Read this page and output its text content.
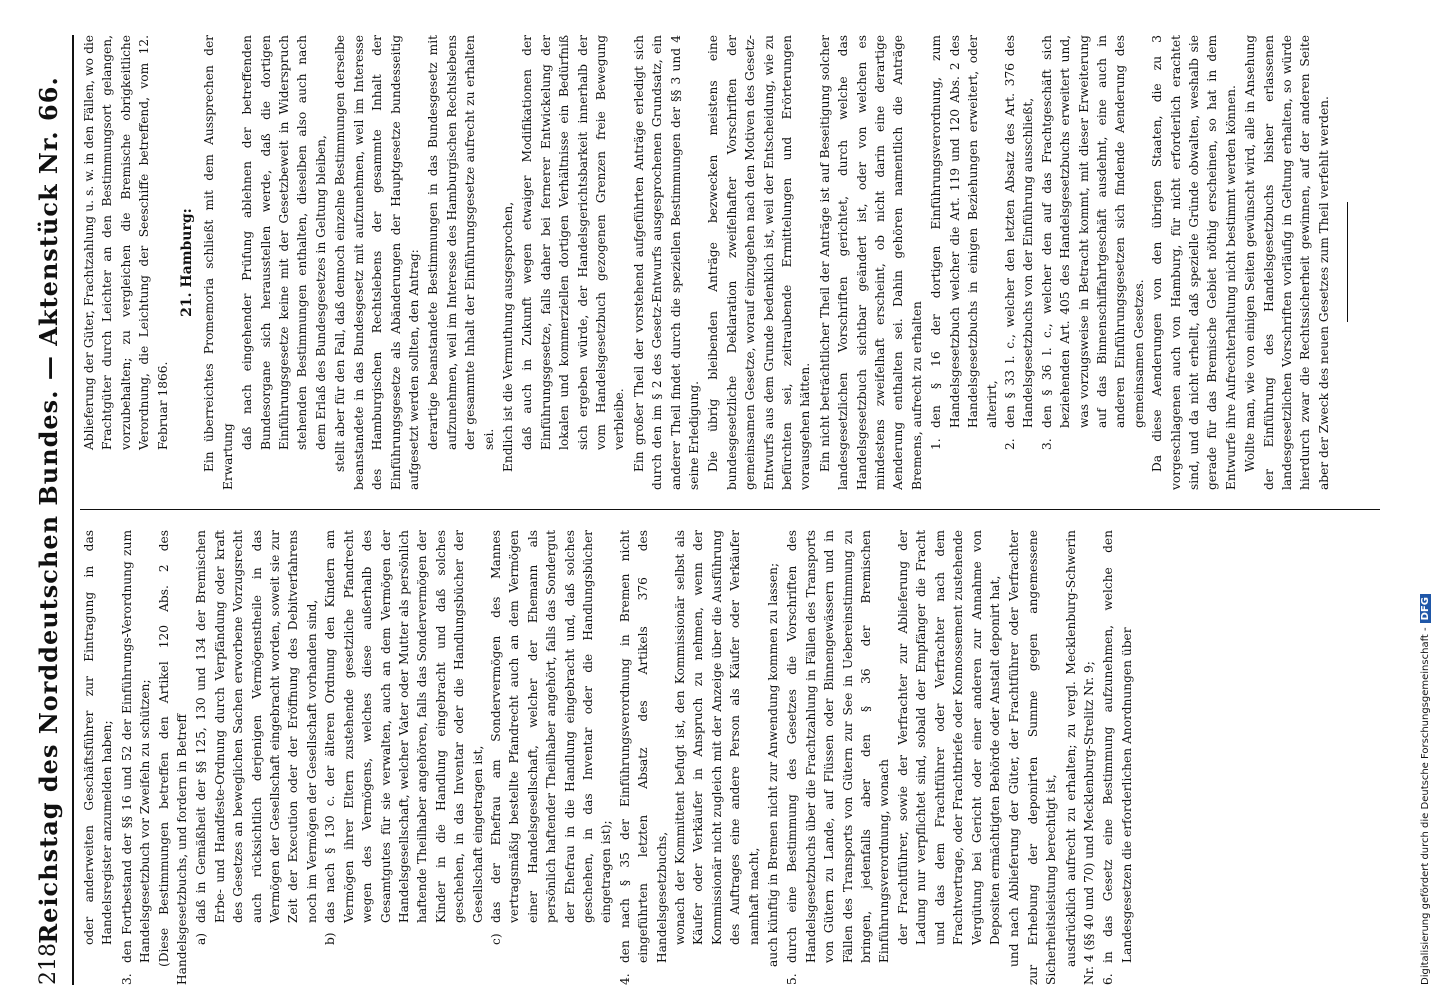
218
Reichstag des Norddeutschen Bundes. — Aktenstück Nr. 66. oder anderweiten Geschäftsführer zur Eintragung in das Handelsregister anzumelden haben;

3.
den Fortbestand der §§ 16 und 52 der Einführungs-Verordnung zum Handelsgesetzbuch vor Zweifeln zu schützen; (Diese Bestimmungen betreffen den Artikel 120 Abs. 2 des Handelsgesetzbuchs, und fordern in Betreff a)
daß in Gemäßheit der §§ 125, 130 und 134 der Bremischen Erbe- und Handfeste-Ordnung durch Verpfändung oder kraft des Gesetzes an beweglichen Sachen erworbene Vorzugsrecht auch rücksichtlich derjenigen Vermögenstheile in das Vermögen der Gesellschaft eingebracht worden, soweit sie zur Zeit der Execution oder der Eröffnung des Debitverfahrens noch im Vermögen der Gesellschaft vorhanden sind,
b)
das nach § 130 c. der älteren Ordnung den Kindern am Vermögen ihrer Eltern zustehende gesetzliche Pfandrecht wegen des Vermögens, welches diese außerhalb des Gesamtgutes für sie verwalten, auch an dem Vermögen der Handelsgesellschaft, welcher Vater oder Mutter als persönlich haftende Theilhaber angehören, falls das Sondervermögen der Kinder in die Handlung eingebracht und daß solches geschehen, in das Inventar oder die Handlungsbücher der Gesellschaft eingetragen ist,
c)
das der Ehefrau am Sondervermögen des Mannes vertragsmäßig bestellte Pfandrecht auch an dem Vermögen einer Handelsgesellschaft, welcher der Ehemann als persönlich haftender Theilhaber angehört, falls das Sondergut der Ehefrau in die Handlung eingebracht und, daß solches geschehen, in das Inventar oder die Handlungsbücher eingetragen ist);
4.
den nach § 35 der Einführungsverordnung in Bremen nicht eingeführten letzten Absatz des Artikels 376 des Handelsgesetzbuchs, wonach der Kommittent befugt ist, den Kommissionär selbst als Käufer oder Verkäufer in Anspruch zu nehmen, wenn der Kommissionär nicht zugleich mit der Anzeige über die Ausführung des Auftrages eine andere Person als Käufer oder Verkäufer namhaft macht, auch künftig in Bremen nicht zur Anwendung kommen zu lassen;

5.
durch eine Bestimmung des Gesetzes die Vorschriften des Handelsgesetzbuchs über die Frachtzahlung in Fällen des Transports von Gütern zu Lande, auf Flüssen oder Binnengewässern und in Fällen des Transports von Gütern zur See in Uebereinstimmung zu bringen, jedenfalls aber den § 36 der Bremischen Einführungsverordnung, wonach der Frachtführer, sowie der Verfrachter zur Ablieferung der Ladung nur verpflichtet sind, sobald der Empfänger die Fracht und das dem Frachtführer oder Verfrachter nach dem Frachtvertrage, oder Frachtbriefe oder Konnossement zustehende Vergütung bei Gericht oder einer anderen zur Annahme von Depositen ermächtigten Behörde oder Anstalt deponirt hat, und nach Ablieferung der Güter, der Frachtführer oder Verfrachter zur Erhebung der deponirten Summe gegen angemessene Sicherheitsleistung berechtigt ist, ausdrücklich aufrecht zu erhalten; zu vergl. Mecklenburg-Schwerin Nr. 4 (§§ 40 und 70) und Mecklenburg-Strelitz Nr. 9; 6.
in das Gesetz eine Bestimmung aufzunehmen, welche den Landesgesetzen die erforderlichen Anordnungen über

Ablieferung der Güter, Frachtzahlung u. s. w. in den Fällen, wo die Frachtgüter durch Leichter an den Bestimmungsort gelangen, vorzubehalten; zu vergleichen die Bremische obrigkeitliche Verordnung, die Leichtung der Seeschiffe betreffend, vom 12. Februar 1866.

21. Hamburg: Ein überreichtes Promemoria schließt mit dem Aussprechen der Erwartung

daß nach eingehender Prüfung ablehnen der betreffenden Bundesorgane sich herausstellen werde, daß die dortigen Einführungsgesetze keine mit der Gesetzbeweit in Widerspruch stehenden Bestimmungen enthalten, dieselben also auch nach dem Erlaß des Bundesgesetzes in Geltung bleiben, stellt aber für den Fall, daß dennoch einzelne Bestimmungen derselbe beanstandete in das Bundesgesetz mit aufzunehmen, weil im Interesse des Hamburgischen Rechtslebens der gesammte Inhalt der Einführungsgesetze als Abänderungen der Hauptgesetze bundesseitig aufgesetzt werden sollten, den Antrag: derartige beanstandete Bestimmungen in das Bundesgesetz mit aufzunehmen, weil im Interesse des Hamburgischen Rechtslebens der gesammte Inhalt der Einführungsgesetze aufrecht zu erhalten sei. Endlich ist die Vermuthung ausgesprochen, daß auch in Zukunft wegen etwaiger Modifikationen der Einführungsgesetze, falls daher bei fernerer Entwickelung der lokalen und kommerziellen dortigen Verhältnisse ein Bedürfniß sich ergeben würde, der Handelsgerichtsbarkeit innerhalb der vom Handelsgesetzbuch gezogenen Grenzen freie Bewegung verbleibe. Ein großer Theil der vorstehend aufgeführten Anträge erledigt sich durch den im § 2 des Gesetz-Entwurfs ausgesprochenen Grundsatz, ein anderer Theil findet durch die speziellen Bestimmungen der §§ 3 und 4 seine Erledigung. Die übrig bleibenden Anträge bezwecken meistens eine bundesgesetzliche Deklaration zweifelhafter Vorschriften der gemeinsamen Gesetze, worauf einzugehen nach den Motiven des Gesetz-Entwurfs aus dem Grunde bedenklich ist, weil der Entscheidung, wie zu befürchten sei, zeitraubende Ermittelungen und Erörterungen vorausgehen hätten. Ein nicht beträchtlicher Theil der Anträge ist auf Beseitigung solcher landesgesetzlichen Vorschriften gerichtet, durch welche das Handelsgesetzbuch sichtbar geändert ist, oder von welchen es mindestens zweifelhaft erscheint, ob nicht darin eine derartige Aenderung enthalten sei. Dahin gehören namentlich die Anträge Bremens, aufrecht zu erhalten 1.
den § 16 der dortigen Einführungsverordnung, zum Handelsgesetzbuch welcher die Art. 119 und 120 Abs. 2 des Handelsgesetzbuchs in einigen Beziehungen erweitert, oder alterirt,
2.
den § 33 l. c., welcher den letzten Absatz des Art. 376 des Handelsgesetzbuchs von der Einführung ausschließt,
3.
den § 36 l. c., welcher den auf das Frachtgeschäft sich beziehenden Art. 405 des Handelsgesetzbuchs erweitert und, was vorzugsweise in Betracht kommt, mit dieser Erweiterung auf das Binnenschiffahrtgeschäft ausdehnt, eine auch in anderen Einführungsgesetzen sich findende Aenderung des gemeinsamen Gesetzes. Da diese Aenderungen von den übrigen Staaten, die zu 3 vorgeschlagenen auch von Hamburg, für nicht erforderlich erachtet sind, und da nicht erhellt, daß spezielle Gründe obwalten, weshalb sie gerade für das Bremische Gebiet nöthig erscheinen, so hat in dem Entwurfe ihre Aufrechterhaltung nicht bestimmt werden können. Wollte man, wie von einigen Seiten gewünscht wird, alle in Ansehung der Einführung des Handelsgesetzbuchs bisher erlassenen landesgesetzlichen Vorschriften vorläufig in Geltung erhalten, so würde hierdurch zwar die Rechtssicherheit gewinnen, auf der anderen Seite aber der Zweck des neuen Gesetzes zum Theil verfehlt werden.

Digitalisierung gefördert durch die Deutsche Forschungsgemeinschaft -DFG
